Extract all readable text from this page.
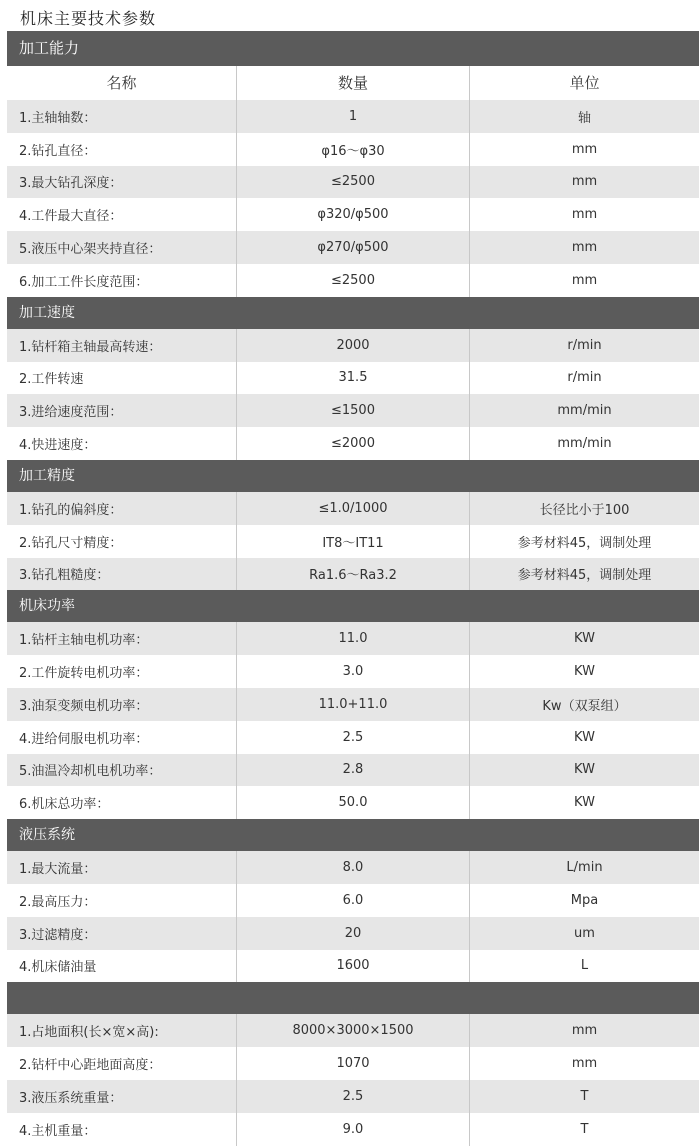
机床主要技术参数
加工能力
名称	数量	单位
1.主轴轴数：	1	轴
2.钻孔直径：	φ16～φ30	mm
3.最大钻孔深度：	≤2500	mm
4.工件最大直径：	φ320/φ500	mm
5.液压中心架夹持直径：	φ270/φ500	mm
6.加工工件长度范围：	≤2500	mm
加工速度
1.钻杆箱主轴最高转速：	2000	r/min
2.工件转速	31.5	r/min
3.进给速度范围：	≤1500	mm/min
4.快进速度：	≤2000	mm/min
加工精度
1.钻孔的偏斜度：	≤1.0/1000	长径比小于100
2.钻孔尺寸精度：	IT8～IT11	参考材料45，调制处理
3.钻孔粗糙度：	Ra1.6～Ra3.2	参考材料45，调制处理
机床功率
1.钻杆主轴电机功率：	11.0	KW
2.工件旋转电机功率：	3.0	KW
3.油泵变频电机功率：	11.0+11.0	Kw（双泵组）
4.进给伺服电机功率：	2.5	KW
5.油温冷却机电机功率：	2.8	KW
6.机床总功率：	50.0	KW
液压系统
1.最大流量：	8.0	L/min
2.最高压力：	6.0	Mpa
3.过滤精度：	20	um
4.机床储油量	1600	L
1.占地面积(长×宽×高):	8000×3000×1500	mm
2.钻杆中心距地面高度：	1070	mm
3.液压系统重量：	2.5	T
4.主机重量：	9.0	T
